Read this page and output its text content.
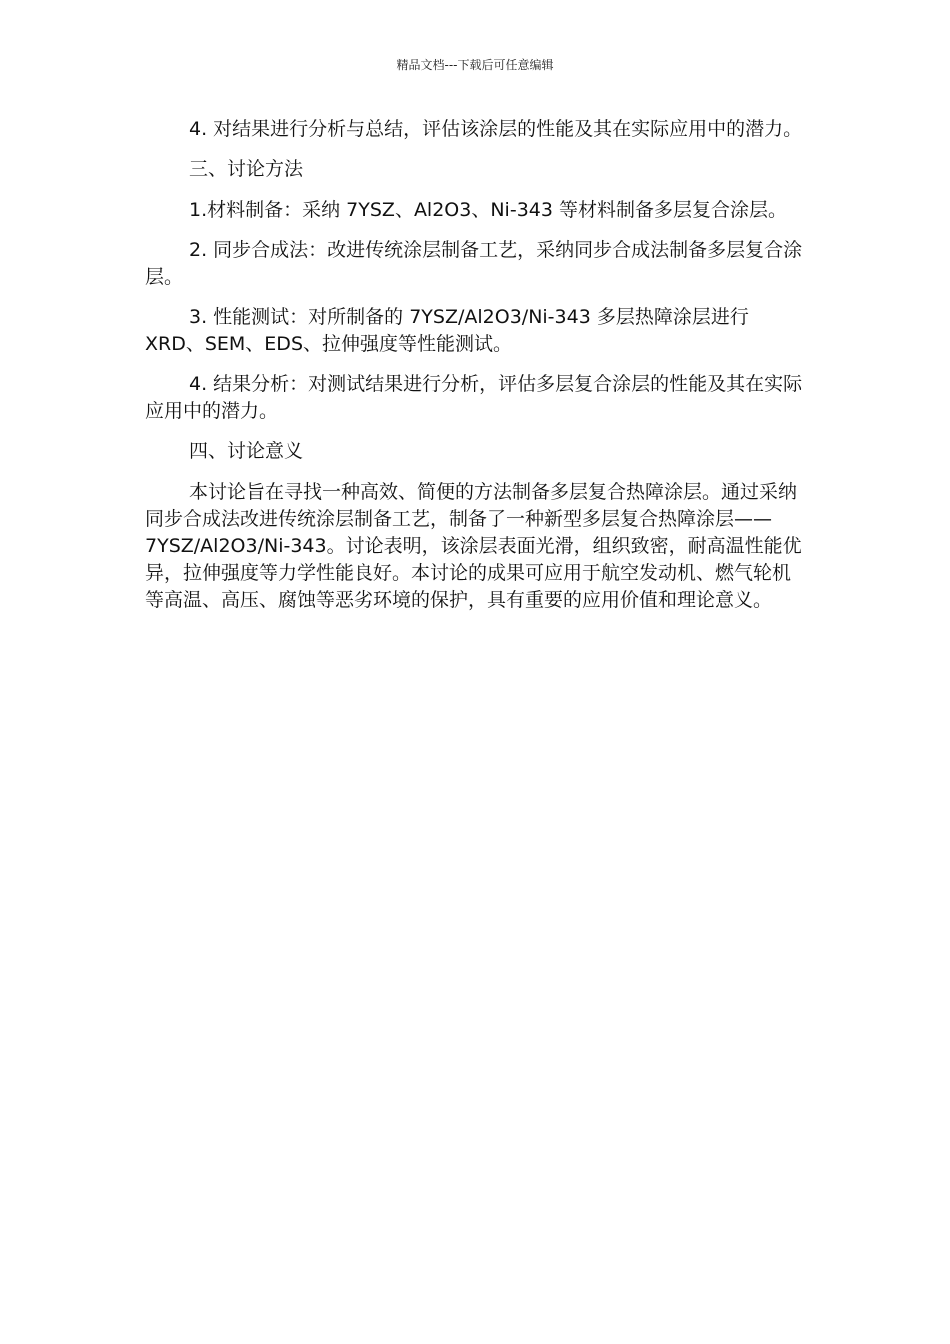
精品文档---下载后可任意编辑

4. 对结果进行分析与总结，评估该涂层的性能及其在实际应用中的潜力。

三、讨论方法

1.材料制备：采纳 7YSZ、Al2O3、Ni-343 等材料制备多层复合涂层。

2. 同步合成法：改进传统涂层制备工艺，采纳同步合成法制备多层复合涂层。

3. 性能测试：对所制备的 7YSZ/Al2O3/Ni-343 多层热障涂层进行 XRD、SEM、EDS、拉伸强度等性能测试。

4. 结果分析：对测试结果进行分析，评估多层复合涂层的性能及其在实际应用中的潜力。

四、讨论意义

本讨论旨在寻找一种高效、简便的方法制备多层复合热障涂层。通过采纳同步合成法改进传统涂层制备工艺，制备了一种新型多层复合热障涂层——7YSZ/Al2O3/Ni-343。讨论表明，该涂层表面光滑，组织致密，耐高温性能优异，拉伸强度等力学性能良好。本讨论的成果可应用于航空发动机、燃气轮机等高温、高压、腐蚀等恶劣环境的保护，具有重要的应用价值和理论意义。
